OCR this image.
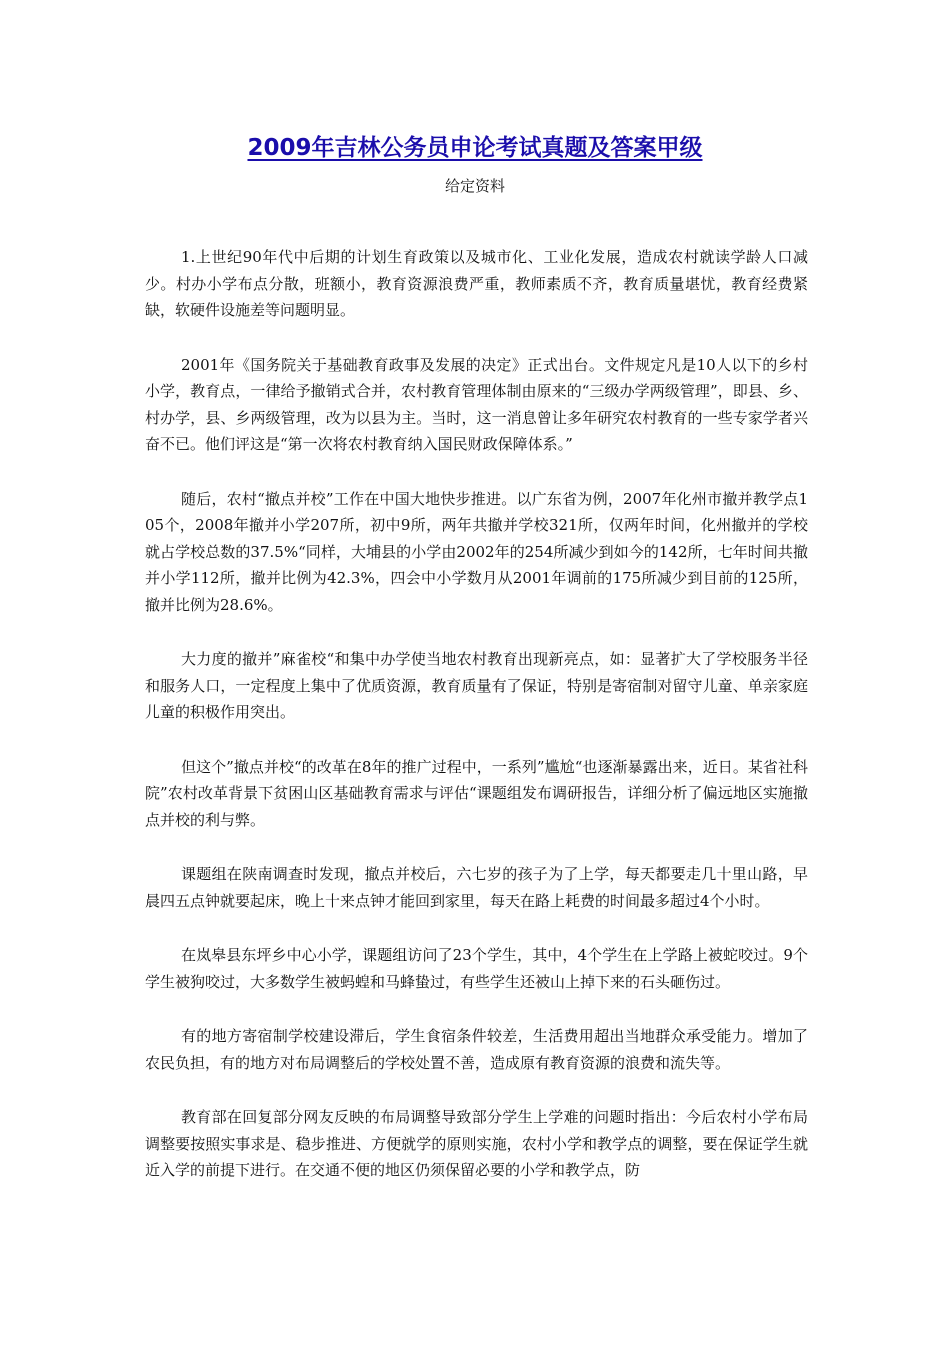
2009年吉林公务员申论考试真题及答案甲级
给定资料

1.上世纪90年代中后期的计划生育政策以及城市化、工业化发展，造成农村就读学龄人口减少。村办小学布点分散，班额小，教育资源浪费严重，教师素质不齐，教育质量堪忧，教育经费紧缺，软硬件设施差等问题明显。

2001年《国务院关于基础教育政事及发展的决定》正式出台。文件规定凡是10人以下的乡村小学，教育点，一律给予撤销式合并，农村教育管理体制由原来的“三级办学两级管理”，即县、乡、村办学，县、乡两级管理，改为以县为主。当时，这一消息曾让多年研究农村教育的一些专家学者兴奋不已。他们评这是“第一次将农村教育纳入国民财政保障体系。”

随后，农村“撤点并校”工作在中国大地快步推进。以广东省为例，2007年化州市撤并教学点105个，2008年撤并小学207所，初中9所，两年共撤并学校321所，仅两年时间，化州撤并的学校就占学校总数的37.5%“同样，大埔县的小学由2002年的254所减少到如今的142所，七年时间共撤并小学112所，撤并比例为42.3%，四会中小学数月从2001年调前的175所减少到目前的125所，撤并比例为28.6%。

大力度的撤并”麻雀校“和集中办学使当地农村教育出现新亮点，如：显著扩大了学校服务半径和服务人口，一定程度上集中了优质资源，教育质量有了保证，特别是寄宿制对留守儿童、单亲家庭儿童的积极作用突出。

但这个”撤点并校“的改革在8年的推广过程中，一系列”尴尬“也逐渐暴露出来，近日。某省社科院”农村改革背景下贫困山区基础教育需求与评估“课题组发布调研报告，详细分析了偏远地区实施撤点并校的利与弊。

课题组在陕南调查时发现，撤点并校后，六七岁的孩子为了上学，每天都要走几十里山路，早晨四五点钟就要起床，晚上十来点钟才能回到家里，每天在路上耗费的时间最多超过4个小时。

在岚皋县东坪乡中心小学，课题组访问了23个学生，其中，4个学生在上学路上被蛇咬过。9个学生被狗咬过，大多数学生被蚂蝗和马蜂蛰过，有些学生还被山上掉下来的石头砸伤过。

有的地方寄宿制学校建设滞后，学生食宿条件较差，生活费用超出当地群众承受能力。增加了农民负担，有的地方对布局调整后的学校处置不善，造成原有教育资源的浪费和流失等。

教育部在回复部分网友反映的布局调整导致部分学生上学难的问题时指出：今后农村小学布局调整要按照实事求是、稳步推进、方便就学的原则实施，农村小学和教学点的调整，要在保证学生就近入学的前提下进行。在交通不便的地区仍须保留必要的小学和教学点，防
